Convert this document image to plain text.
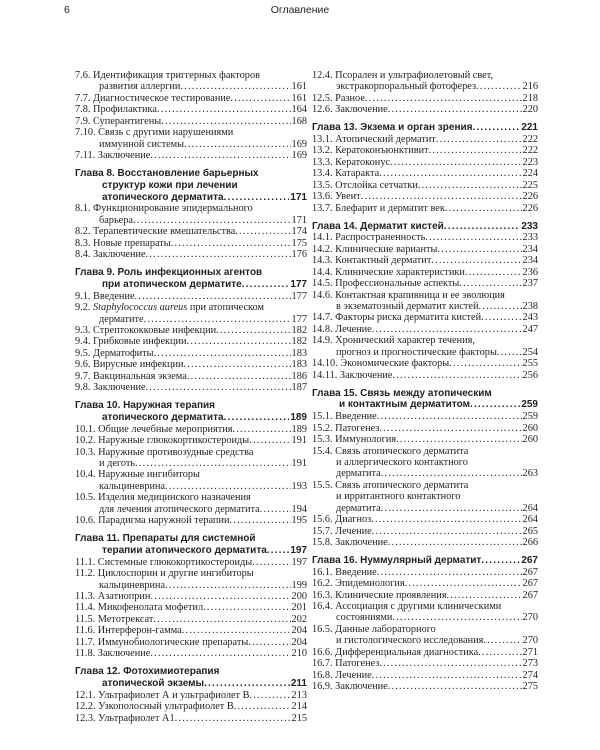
6	Оглавление
7.6. Идентификация триггерных факторов
развития аллергии .....	161
7.7. Диагностическое тестирование .....	161
7.8. Профилактика .....	164
7.9. Суперантигены .....	168
7.10. Связь с другими нарушениями
иммунной системы .....	169
7.11. Заключение .....	169
Глава 8. Восстановление барьерных
структур кожи при лечении
атопического дерматита .....	171
8.1. Функционирование эпидермального
барьера .....	171
8.2. Терапевтические вмешательства .....	174
8.3. Новые препараты .....	175
8.4. Заключение .....	176
Глава 9. Роль инфекционных агентов
при атопическом дерматите .....	177
9.1. Введение .....	177
9.2. Staphylococcus aureus при атопическом
дерматите .....	177
9.3. Стрептококковые инфекции .....	182
9.4. Грибковые инфекции .....	182
9.5. Дерматофиты .....	183
9.6. Вирусные инфекции .....	183
9.7. Вакцинальная экзема .....	186
9.8. Заключение .....	187
Глава 10. Наружная терапия
атопического дерматита .....	189
10.1. Общие лечебные мероприятия .....	189
10.2. Наружные глюкокортикостероиды .....	191
10.3. Наружные противозудные средства
и деготь .....	191
10.4. Наружные ингибиторы
кальциневрина .....	193
10.5. Изделия медицинского назначения
для лечения атопического дерматита .....	194
10.6. Парадигма наружной терапии .....	195
Глава 11. Препараты для системной
терапии атопического дерматита ..... 197
11.1. Системные глюкокортикостероиды .....	197
11.2. Циклоспорин и другие ингибиторы
кальциневрина .....	199
11.3. Азатиоприн .....	200
11.4. Микофенолата мофетил .....	201
11.5. Метотрексат .....	202
11.6. Интерферон-гамма .....	204
11.7. Иммунобиологические препараты .....	204
11.8. Заключение .....	210
Глава 12. Фотохимиотерапия
атопической экземы .....	211
12.1. Ультрафиолет А и ультрафиолет В .....	213
12.2. Узкополосный ультрафиолет В .....	214
12.3. Ультрафиолет А1 .....	215
12.4. Псорален и ультрафиолетовый свет,
экстракорпоральный фотоферез .....	216
12.5. Разное .....	218
12.6. Заключение .....	220
Глава 13. Экзема и орган зрения .....	221
13.1. Атопический дерматит .....	222
13.2. Кератоконъюнктивит .....	222
13.3. Кератоконус .....	223
13.4. Катаракта .....	224
13.5. Отслойка сетчатки .....	225
13.6. Увеит .....	226
13.7. Блефарит и дерматит век .....	226
Глава 14. Дерматит кистей .....	233
14.1. Распространенность .....	233
14.2. Клинические варианты .....	234
14.3. Контактный дерматит .....	234
14.4. Клинические характеристики .....	236
14.5. Профессиональные аспекты .....	237
14.6. Контактная крапивница и ее эволюция
в экзематозный дерматит кистей .....	238
14.7. Факторы риска дерматита кистей .....	243
14.8. Лечение .....	247
14.9. Хронический характер течения,
прогноз и прогностические факторы ..... 254
14.10. Экономические факторы .....	255
14.11. Заключение .....	256
Глава 15. Связь между атопическим
и контактным дерматитом .....	259
15.1. Введение .....	259
15.2. Патогенез .....	260
15.3. Иммунология .....	260
15.4. Связь атопического дерматита
и аллергического контактного
дерматита .....	263
15.5. Связь атопического дерматита
и ирритантного контактного
дерматита .....	264
15.6. Диагноз .....	264
15.7. Лечение .....	265
15.8. Заключение .....	266
Глава 16. Нуммулярный дерматит .....	267
16.1. Введение .....	267
16.2. Эпидемиология .....	267
16.3. Клинические проявления .....	267
16.4. Ассоциация с другими клиническими
состояниями .....	270
16.5. Данные лабораторного
и гистологического исследования .....	270
16.6. Дифференциальная диагностика .....	271
16.7. Патогенез .....	273
16.8. Лечение .....	274
16.9. Заключение .....	275
